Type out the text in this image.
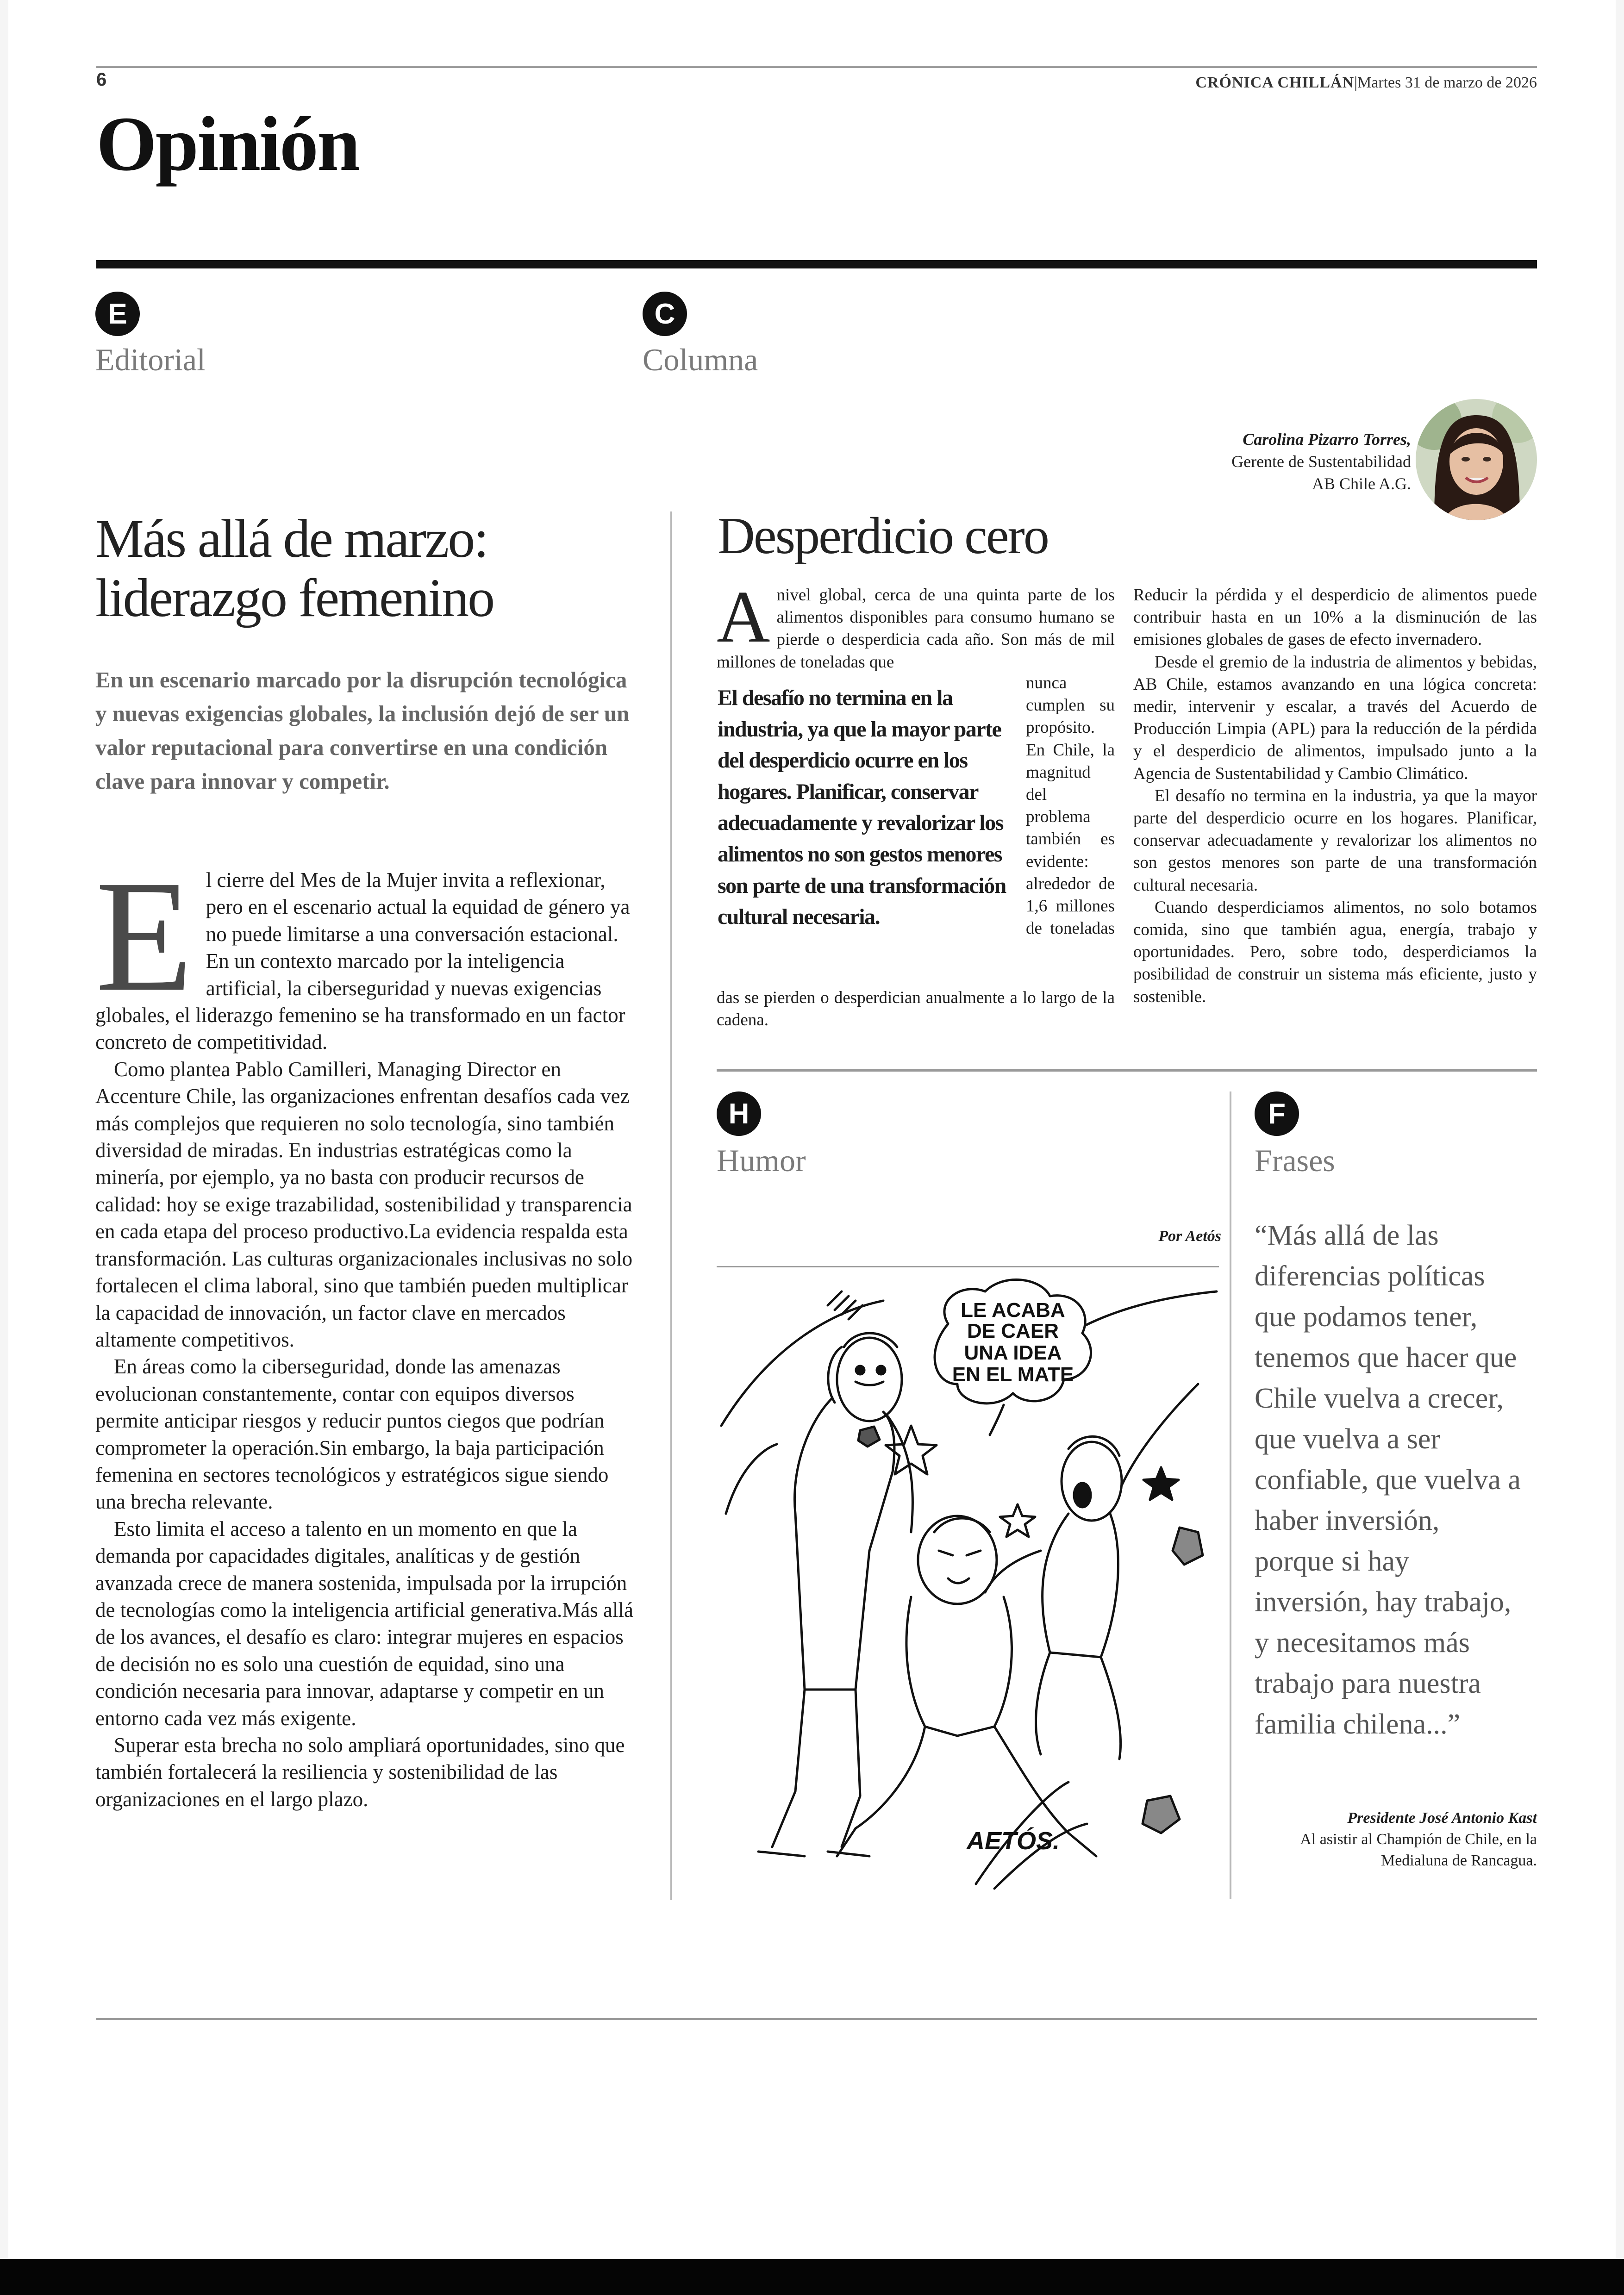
6	CRÓNICA CHILLÁN|Martes 31 de marzo de 2026
Opinión
E
Editorial
Más allá de marzo:
liderazgo femenino
En un escenario marcado por la disrupción tecnológica y nuevas exigencias globales, la inclusión dejó de ser un valor reputacional para convertirse en una condición clave para innovar y competir.

El cierre del Mes de la Mujer invita a reflexionar, pero en el escenario actual la equidad de género ya no puede limitarse a una conversación estacional. En un contexto marcado por la inteligencia artificial, la ciberseguridad y nuevas exigencias globales, el liderazgo femenino se ha transformado en un factor concreto de competitividad.

Como plantea Pablo Camilleri, Managing Director en Accenture Chile, las organizaciones enfrentan desafíos cada vez más complejos que requieren no solo tecnología, sino también diversidad de miradas. En industrias estratégicas como la minería, por ejemplo, ya no basta con producir recursos de calidad: hoy se exige trazabilidad, sostenibilidad y transparencia en cada etapa del proceso productivo.La evidencia respalda esta transformación. Las culturas organizacionales inclusivas no solo fortalecen el clima laboral, sino que también pueden multiplicar la capacidad de innovación, un factor clave en mercados altamente competitivos.

En áreas como la ciberseguridad, donde las amenazas evolucionan constantemente, contar con equipos diversos permite anticipar riesgos y reducir puntos ciegos que podrían comprometer la operación.Sin embargo, la baja participación femenina en sectores tecnológicos y estratégicos sigue siendo una brecha relevante.

Esto limita el acceso a talento en un momento en que la demanda por capacidades digitales, analíticas y de gestión avanzada crece de manera sostenida, impulsada por la irrupción de tecnologías como la inteligencia artificial generativa.Más allá de los avances, el desafío es claro: integrar mujeres en espacios de decisión no es solo una cuestión de equidad, sino una condición necesaria para innovar, adaptarse y competir en un entorno cada vez más exigente.

Superar esta brecha no solo ampliará oportunidades, sino que también fortalecerá la resiliencia y sostenibilidad de las organizaciones en el largo plazo.

C
Columna
Carolina Pizarro Torres,
Gerente de Sustentabilidad
AB Chile A.G.
Desperdicio cero

Anivel global, cerca de una quinta parte de los alimentos disponibles para consumo humano se pierde o desperdicia cada año. Son más de mil millones de toneladas que

El desafío no termina en la industria, ya que la mayor parte del desperdicio ocurre en los hogares. Planificar, conservar adecuadamente y revalorizar los alimentos no son gestos menores son parte de una transformación cultural necesaria.
nunca cumplen su propósito. En Chile, la magnitud del problema también es evidente: alrededor de 1,6 millones de toneladas

das se pierden o desperdician anualmente a lo largo de la cadena.

Reducir la pérdida y el desperdicio de alimentos puede contribuir hasta en un 10% a la disminución de las emisiones globales de gases de efecto invernadero.

Desde el gremio de la industria de alimentos y bebidas, AB Chile, estamos avanzando en una lógica concreta: medir, intervenir y escalar, a través del Acuerdo de Producción Limpia (APL) para la reducción de la pérdida y el desperdicio de alimentos, impulsado junto a la Agencia de Sustentabilidad y Cambio Climático.

El desafío no termina en la industria, ya que la mayor parte del desperdicio ocurre en los hogares. Planificar, conservar adecuadamente y revalorizar los alimentos no son gestos menores son parte de una transformación cultural necesaria.

Cuando desperdiciamos alimentos, no solo botamos comida, sino que también agua, energía, trabajo y oportunidades. Pero, sobre todo, desperdiciamos la posibilidad de construir un sistema más eficiente, justo y sostenible.

H
Humor
Por Aetós
LE ACABA
DE CAER
UNA IDEA
EN EL MATE
AETÓS.
F
Frases
“Más allá de las diferencias políticas que podamos tener, tenemos que hacer que Chile vuelva a crecer, que vuelva a ser confiable, que vuelva a haber inversión, porque si hay inversión, hay trabajo, y necesitamos más trabajo para nuestra familia chilena...”
Presidente José Antonio Kast
Al asistir al Champión de Chile, en la Medialuna de Rancagua.
